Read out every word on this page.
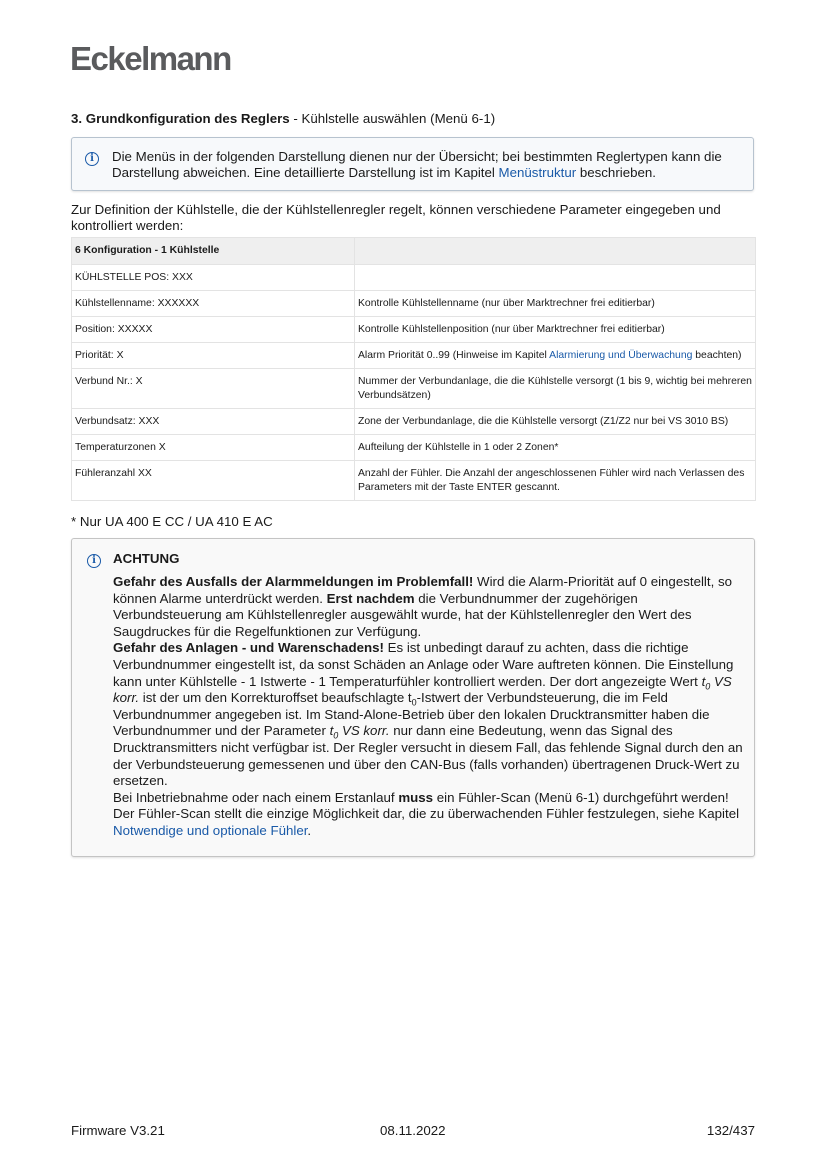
Eckelmann
3. Grundkonfiguration des Reglers - Kühlstelle auswählen (Menü 6-1)
i	Die Menüs in der folgenden Darstellung dienen nur der Übersicht; bei bestimmten Reglertypen kann die Darstellung abweichen. Eine detaillierte Darstellung ist im Kapitel Menüstruktur beschrieben.
Zur Definition der Kühlstelle, die der Kühlstellenregler regelt, können verschiedene Parameter eingegeben und kontrolliert werden:
6 Konfiguration - 1 Kühlstelle	
KÜHLSTELLE POS: XXX	
Kühlstellenname: XXXXXX	Kontrolle Kühlstellenname (nur über Marktrechner frei editierbar)
Position: XXXXX	Kontrolle Kühlstellenposition (nur über Marktrechner frei editierbar)
Priorität: X	Alarm Priorität 0..99 (Hinweise im Kapitel Alarmierung und Überwachung beachten)
Verbund Nr.: X	Nummer der Verbundanlage, die die Kühlstelle versorgt (1 bis 9, wichtig bei mehreren Verbundsätzen)
Verbundsatz: XXX	Zone der Verbundanlage, die die Kühlstelle versorgt (Z1/Z2 nur bei VS 3010 BS)
Temperaturzonen X	Aufteilung der Kühlstelle in 1 oder 2 Zonen*
Fühleranzahl XX	Anzahl der Fühler. Die Anzahl der angeschlossenen Fühler wird nach Verlassen des Parameters mit der Taste ENTER gescannt.
* Nur UA 400 E CC / UA 410 E AC
i	ACHTUNG
Gefahr des Ausfalls der Alarmmeldungen im Problemfall! Wird die Alarm-Priorität auf 0 eingestellt, so können Alarme unterdrückt werden. Erst nachdem die Verbundnummer der zugehörigen Verbundsteuerung am Kühlstellenregler ausgewählt wurde, hat der Kühlstellenregler den Wert des Saugdruckes für die Regelfunktionen zur Verfügung.
Gefahr des Anlagen - und Warenschadens! Es ist unbedingt darauf zu achten, dass die richtige Verbundnummer eingestellt ist, da sonst Schäden an Anlage oder Ware auftreten können. Die Einstellung kann unter Kühlstelle - 1 Istwerte - 1 Temperaturfühler kontrolliert werden. Der dort angezeigte Wert $t_0$ VS korr. ist der um den Korrekturoffset beaufschlagte $t_0$-Istwert der Verbundsteuerung, die im Feld Verbundnummer angegeben ist. Im Stand-Alone-Betrieb über den lokalen Drucktransmitter haben die Verbundnummer und der Parameter $t_0$ VS korr. nur dann eine Bedeutung, wenn das Signal des Drucktransmitters nicht verfügbar ist. Der Regler versucht in diesem Fall, das fehlende Signal durch den an der Verbundsteuerung gemessenen und über den CAN-Bus (falls vorhanden) übertragenen Druck-Wert zu ersetzen.
Bei Inbetriebnahme oder nach einem Erstanlauf muss ein Fühler-Scan (Menü 6-1) durchgeführt werden! Der Fühler-Scan stellt die einzige Möglichkeit dar, die zu überwachenden Fühler festzulegen, siehe Kapitel Notwendige und optionale Fühler.
Firmware V3.21	08.11.2022	132/437
